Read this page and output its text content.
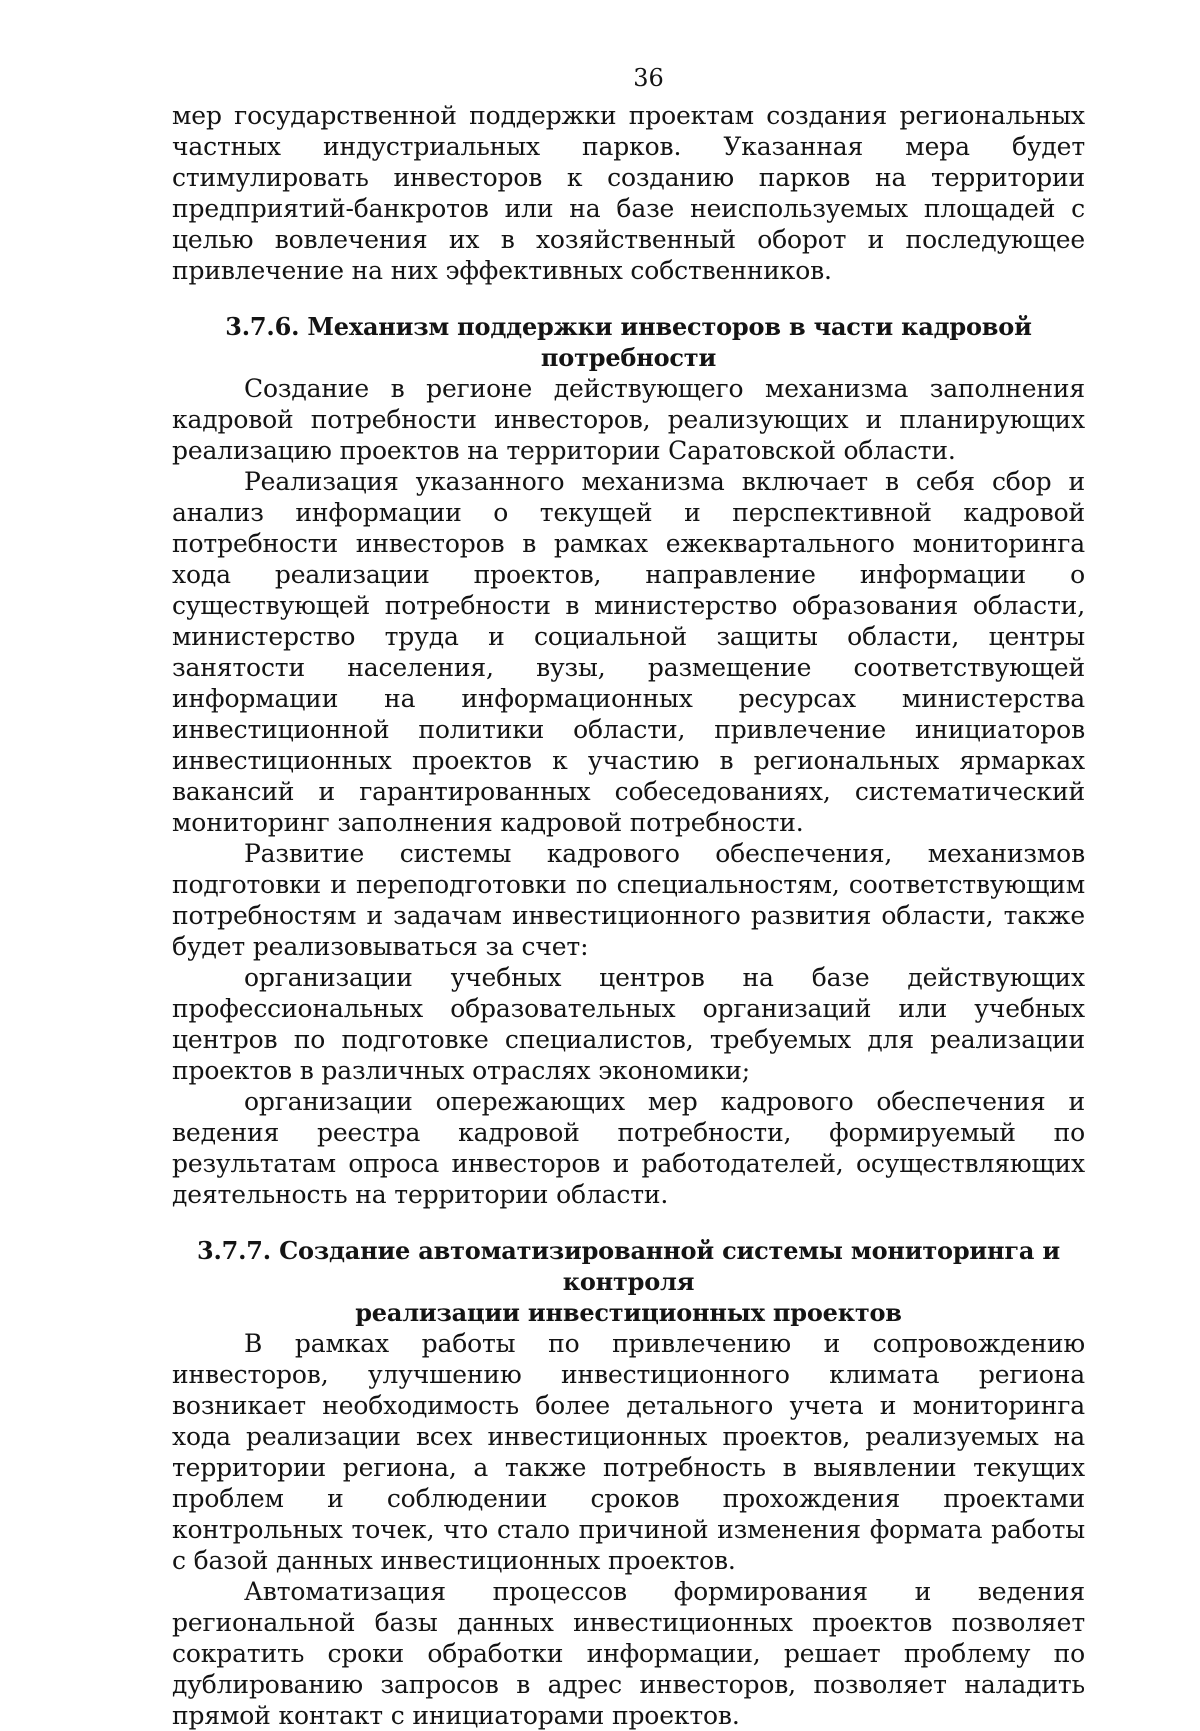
36

мер государственной поддержки проектам создания региональных частных индустриальных парков. Указанная мера будет стимулировать инвесторов к созданию парков на территории предприятий-банкротов или на базе неиспользуемых площадей с целью вовлечения их в хозяйственный оборот и последующее привлечение на них эффективных собственников.

3.7.6. Механизм поддержки инвесторов в части кадровой потребности

Создание в регионе действующего механизма заполнения кадровой потребности инвесторов, реализующих и планирующих реализацию проектов на территории Саратовской области.

Реализация указанного механизма включает в себя сбор и анализ информации о текущей и перспективной кадровой потребности инвесторов в рамках ежеквартального мониторинга хода реализации проектов, направление информации о существующей потребности в министерство образования области, министерство труда и социальной защиты области, центры занятости населения, вузы, размещение соответствующей информации на информационных ресурсах министерства инвестиционной политики области, привлечение инициаторов инвестиционных проектов к участию в региональных ярмарках вакансий и гарантированных собеседованиях, систематический мониторинг заполнения кадровой потребности.

Развитие системы кадрового обеспечения, механизмов подготовки и переподготовки по специальностям, соответствующим потребностям и задачам инвестиционного развития области, также будет реализовываться за счет:

организации учебных центров на базе действующих профессиональных образовательных организаций или учебных центров по подготовке специалистов, требуемых для реализации проектов в различных отраслях экономики;

организации опережающих мер кадрового обеспечения и ведения реестра кадровой потребности, формируемый по результатам опроса инвесторов и работодателей, осуществляющих деятельность на территории области.

3.7.7. Создание автоматизированной системы мониторинга и контроля

реализации инвестиционных проектов

В рамках работы по привлечению и сопровождению инвесторов, улучшению инвестиционного климата региона возникает необходимость более детального учета и мониторинга хода реализации всех инвестиционных проектов, реализуемых на территории региона, а также потребность в выявлении текущих проблем и соблюдении сроков прохождения проектами контрольных точек, что стало причиной изменения формата работы с базой данных инвестиционных проектов.

Автоматизация процессов формирования и ведения региональной базы данных инвестиционных проектов позволяет сократить сроки обработки информации, решает проблему по дублированию запросов в адрес инвесторов, позволяет наладить прямой контакт с инициаторами проектов.
